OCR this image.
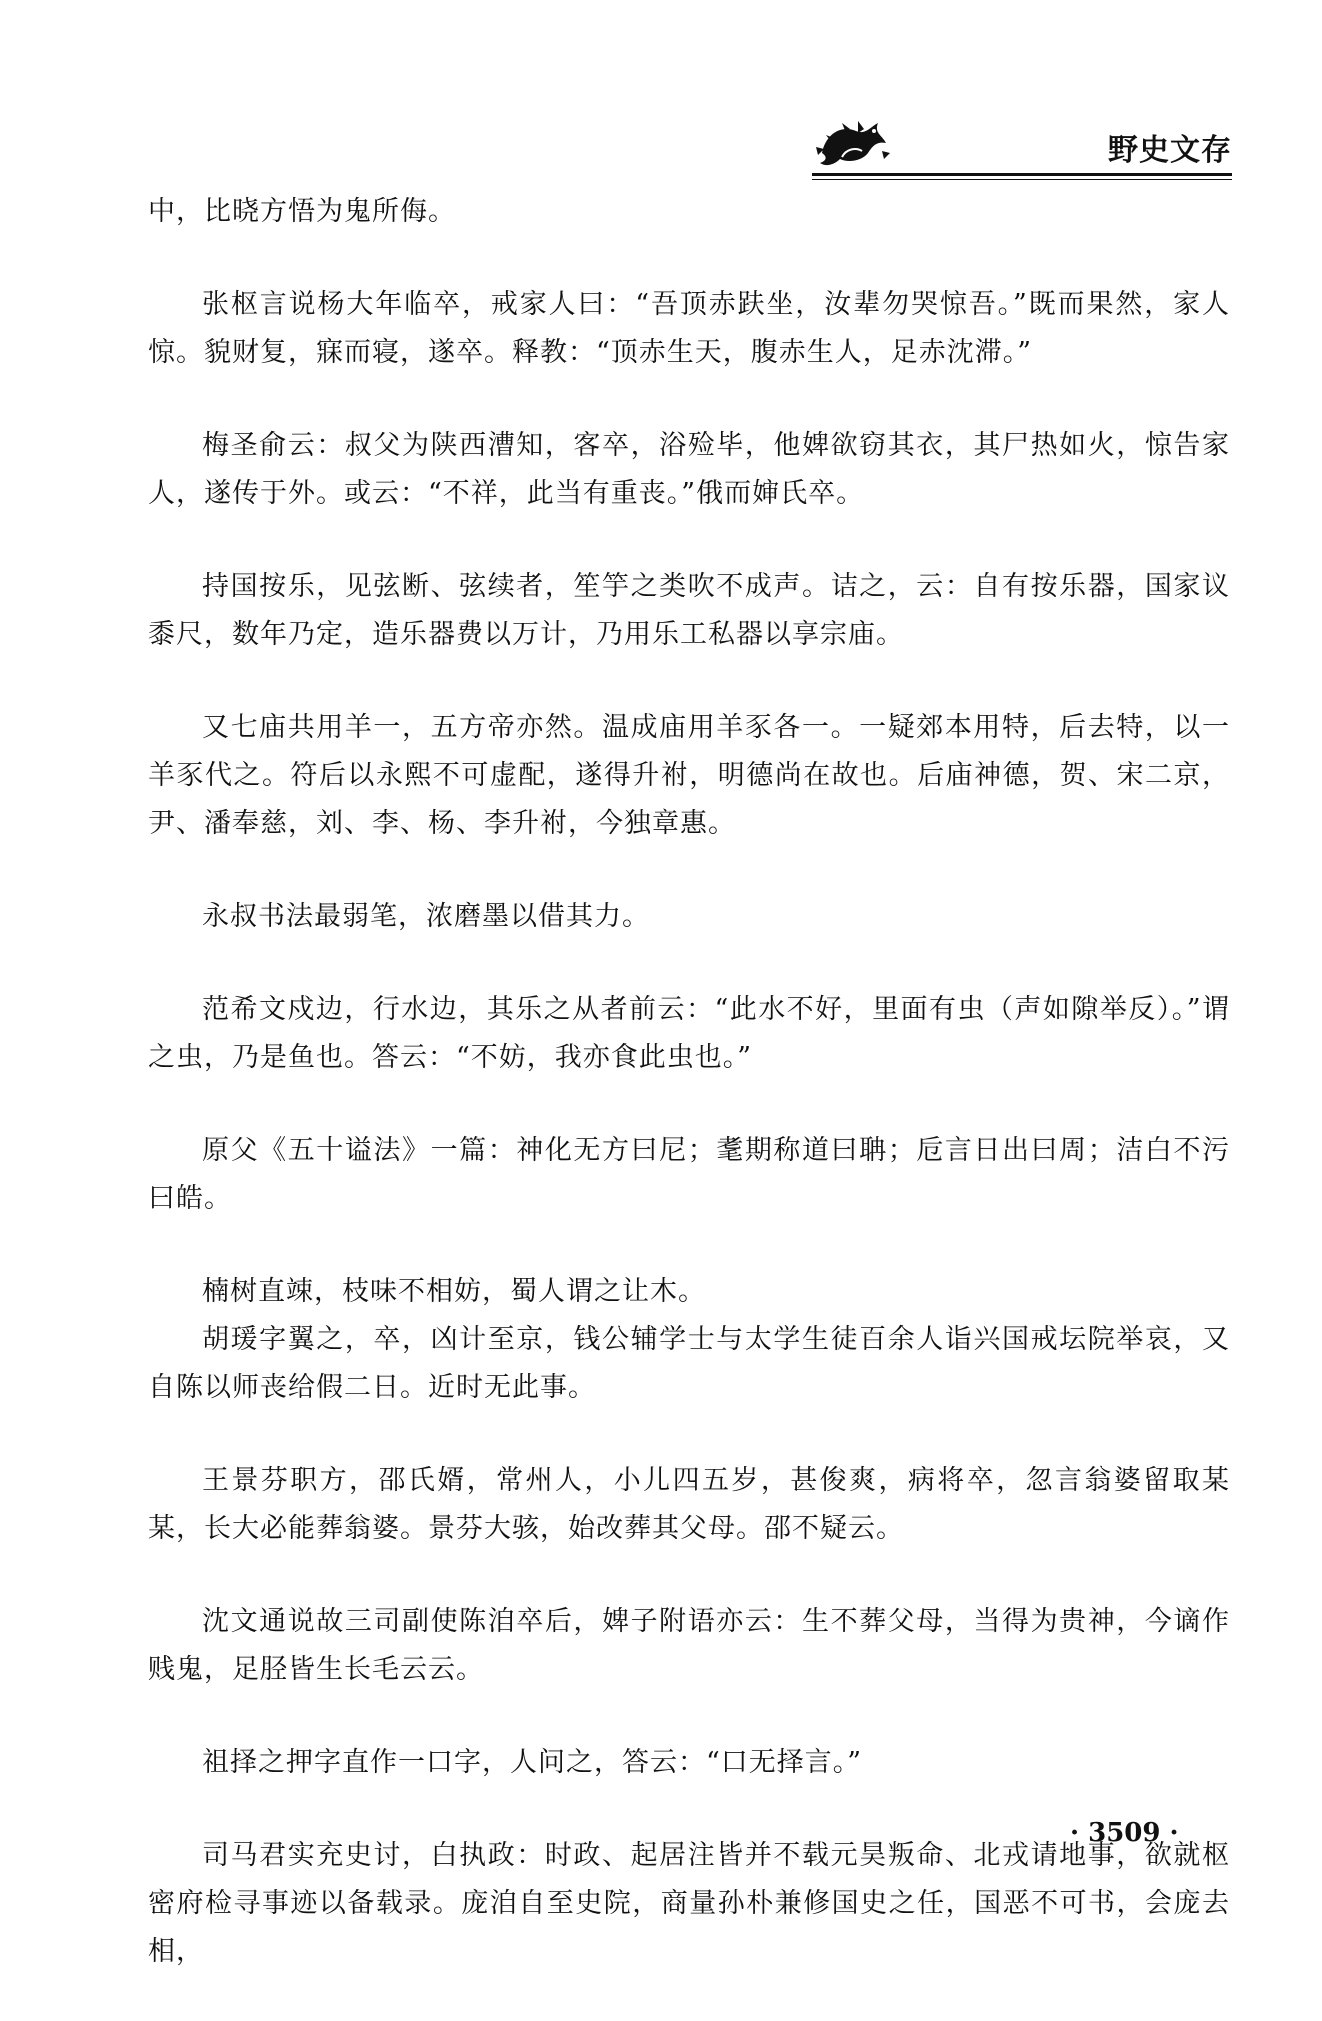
野史文存

中，比晓方悟为鬼所侮。

张枢言说杨大年临卒，戒家人曰：“吾顶赤趺坐，汝辈勿哭惊吾。”既而果然，家人惊。貌财复，寐而寝，遂卒。释教：“顶赤生天，腹赤生人，足赤沈滞。”

梅圣俞云：叔父为陕西漕知，客卒，浴殓毕，他婢欲窃其衣，其尸热如火，惊告家人，遂传于外。或云：“不祥，此当有重丧。”俄而婶氏卒。

持国按乐，见弦断、弦续者，笙竽之类吹不成声。诘之，云：自有按乐器，国家议黍尺，数年乃定，造乐器费以万计，乃用乐工私器以享宗庙。

又七庙共用羊一，五方帝亦然。温成庙用羊豕各一。一疑郊本用特，后去特，以一羊豕代之。符后以永熙不可虚配，遂得升祔，明德尚在故也。后庙神德，贺、宋二京，尹、潘奉慈，刘、李、杨、李升祔，今独章惠。

永叔书法最弱笔，浓磨墨以借其力。

范希文戍边，行水边，其乐之从者前云：“此水不好，里面有虫（声如隙举反）。”谓之虫，乃是鱼也。答云：“不妨，我亦食此虫也。”

原父《五十谥法》一篇：神化无方曰尼；耄期称道曰聃；卮言日出曰周；洁白不污曰皓。

楠树直竦，枝味不相妨，蜀人谓之让木。

胡瑗字翼之，卒，凶计至京，钱公辅学士与太学生徒百余人诣兴国戒坛院举哀，又自陈以师丧给假二日。近时无此事。

王景芬职方，邵氏婿，常州人，小儿四五岁，甚俊爽，病将卒，忽言翁婆留取某某，长大必能葬翁婆。景芬大骇，始改葬其父母。邵不疑云。

沈文通说故三司副使陈洎卒后，婢子附语亦云：生不葬父母，当得为贵神，今谪作贱鬼，足胫皆生长毛云云。

祖择之押字直作一口字，人问之，答云：“口无择言。”

司马君实充史讨，白执政：时政、起居注皆并不载元昊叛命、北戎请地事，欲就枢密府检寻事迹以备载录。庞洎自至史院，商量孙朴兼修国史之任，国恶不可书，会庞去相，

· 3509 ·
